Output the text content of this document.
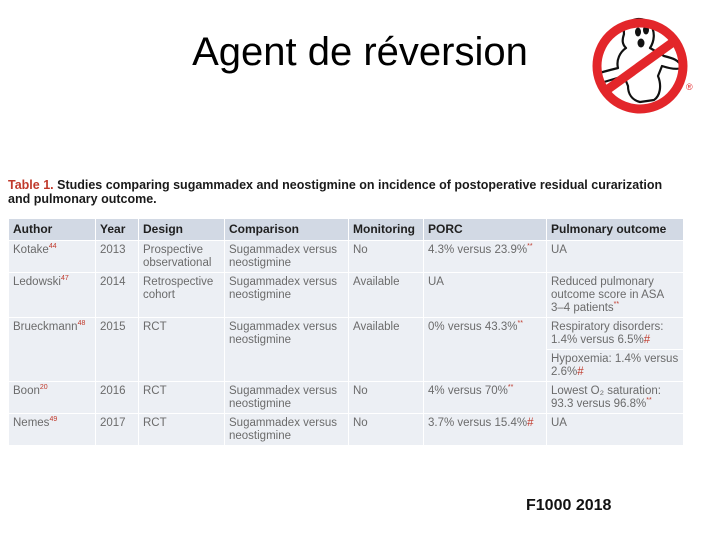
Agent de réversion
®
Table 1. Studies comparing sugammadex and neostigmine on incidence of postoperative residual curarization and pulmonary outcome.
Author	Year	Design	Comparison	Monitoring	PORC	Pulmonary outcome
Kotake$^{44}$	2013	Prospective observational	Sugammadex versus neostigmine	No	4.3% versus 23.9%**	UA
Ledowski$^{47}$	2014	Retrospective cohort	Sugammadex versus neostigmine	Available	UA	Reduced pulmonary outcome score in ASA 3–4 patients**
Brueckmann$^{48}$	2015	RCT	Sugammadex versus neostigmine	Available	0% versus 43.3%**	Respiratory disorders: 1.4% versus 6.5%#
						Hypoxemia: 1.4% versus 2.6%#
Boon$^{20}$	2016	RCT	Sugammadex versus neostigmine	No	4% versus 70%**	Lowest O₂ saturation: 93.3 versus 96.8%**
Nemes$^{49}$	2017	RCT	Sugammadex versus neostigmine	No	3.7% versus 15.4%#	UA
F1000 2018
